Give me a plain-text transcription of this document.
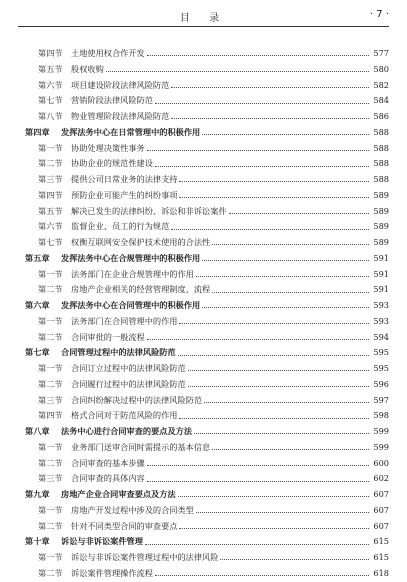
目 录	· 7 ·
第四节	土地使用权合作开发	577
第五节	股权收购	580
第六节	项目建设阶段法律风险防范	582
第七节	营销阶段法律风险防范	584
第八节	物业管理阶段法律风险防范	586
第四章	发挥法务中心在日常管理中的积极作用	588
第一节	协助处理决策性事务	588
第二节	协助企业的规范性建设	588
第三节	提供公司日常业务的法律支持	588
第四节	预防企业可能产生的纠纷事项	589
第五节	解决已发生的法律纠纷、诉讼和非诉讼案件	589
第六节	监督企业、员工的行为规范	589
第七节	权衡互联网安全保护技术使用的合法性	589
第五章	发挥法务中心在合规管理中的积极作用	591
第一节	法务部门在企业合规管理中的作用	591
第二节	房地产企业相关的经营管理制度、流程	591
第六章	发挥法务中心在合同管理中的积极作用	593
第一节	法务部门在合同管理中的作用	593
第二节	合同审批的一般流程	594
第七章	合同管理过程中的法律风险防范	595
第一节	合同订立过程中的法律风险防范	595
第二节	合同履行过程中的法律风险防范	596
第三节	合同纠纷解决过程中的法律风险防范	597
第四节	格式合同对于防范风险的作用	598
第八章	法务中心进行合同审查的要点及方法	599
第一节	业务部门送审合同时需提示的基本信息	599
第二节	合同审查的基本步骤	600
第三节	合同审查的具体内容	602
第九章	房地产企业合同审查要点及方法	607
第一节	房地产开发过程中涉及的合同类型	607
第二节	针对不同类型合同的审查要点	607
第十章	诉讼与非诉讼案件管理	615
第一节	诉讼与非诉讼案件管理过程中的法律风险	615
第二节	诉讼案件管理操作流程	618
